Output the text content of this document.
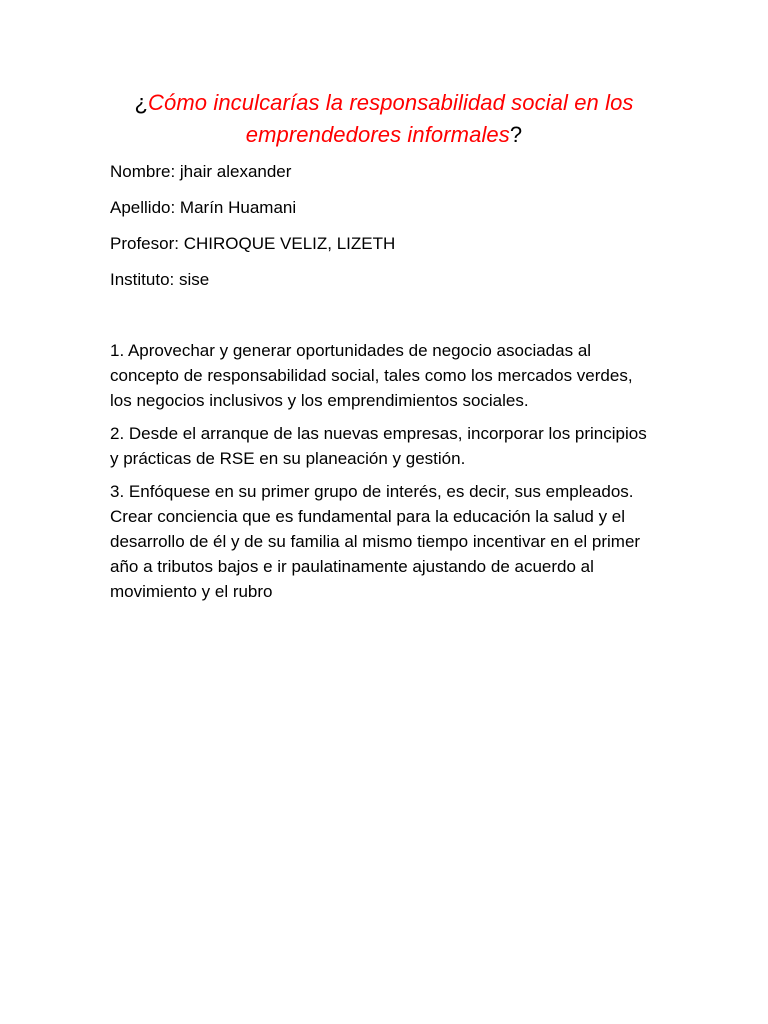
¿Cómo inculcarías la responsabilidad social en los emprendedores informales?

Nombre: jhair alexander

Apellido: Marín Huamani

Profesor: CHIROQUE VELIZ, LIZETH

Instituto: sise

1. Aprovechar y generar oportunidades de negocio asociadas al concepto de responsabilidad social, tales como los mercados verdes, los negocios inclusivos y los emprendimientos sociales.

2. Desde el arranque de las nuevas empresas, incorporar los principios y prácticas de RSE en su planeación y gestión.

3. Enfóquese en su primer grupo de interés, es decir, sus empleados. Crear conciencia que es fundamental para la educación la salud y el desarrollo de él y de su familia al mismo tiempo incentivar en el primer año a tributos bajos e ir paulatinamente ajustando de acuerdo al movimiento y el rubro
